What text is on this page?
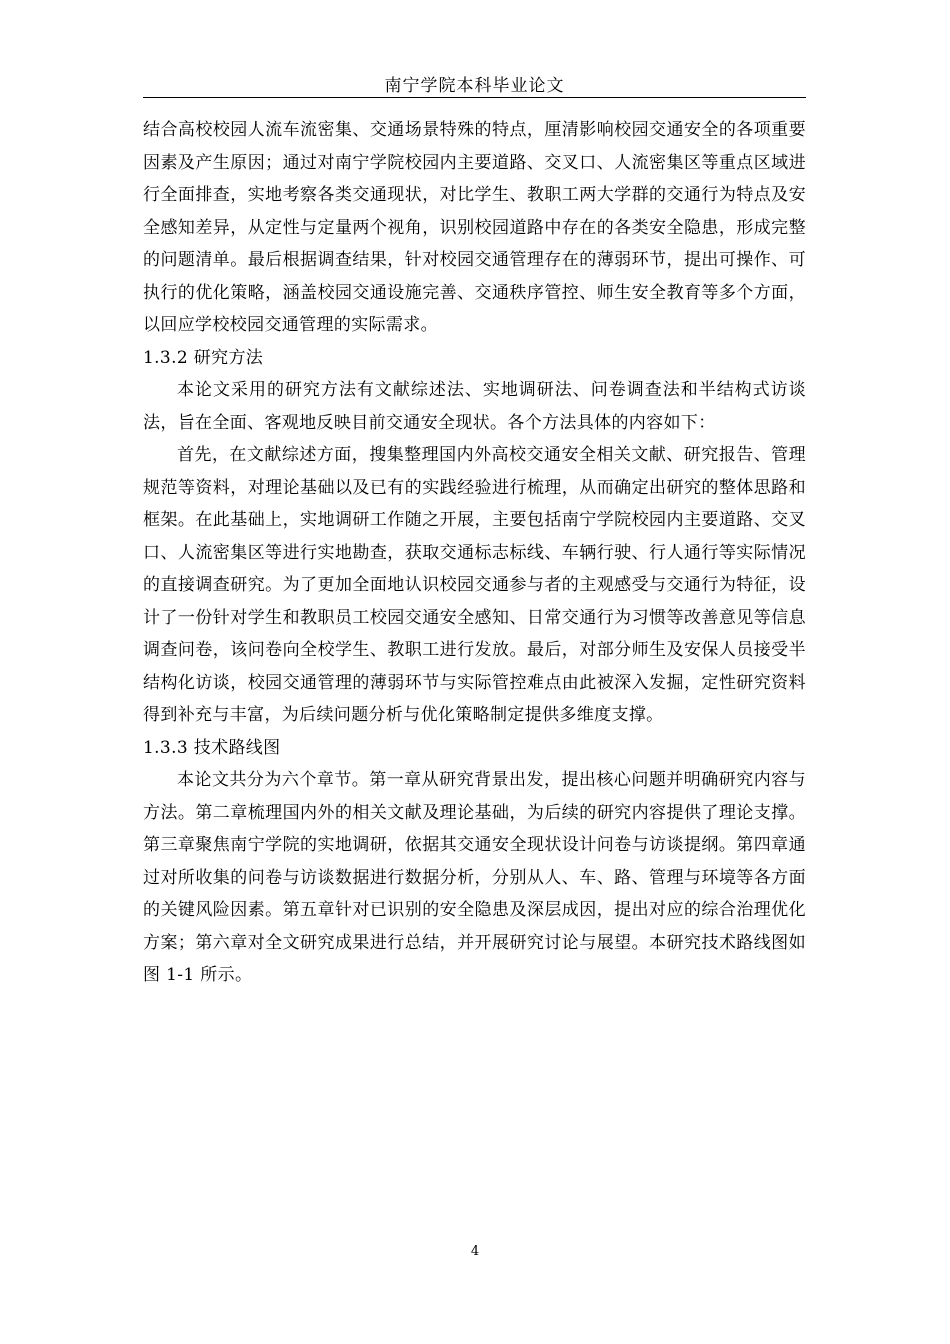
南宁学院本科毕业论文

结合高校校园人流车流密集、交通场景特殊的特点，厘清影响校园交通安全的各项重要因素及产生原因；通过对南宁学院校园内主要道路、交叉口、人流密集区等重点区域进行全面排查，实地考察各类交通现状，对比学生、教职工两大学群的交通行为特点及安全感知差异，从定性与定量两个视角，识别校园道路中存在的各类安全隐患，形成完整的问题清单。最后根据调查结果，针对校园交通管理存在的薄弱环节，提出可操作、可执行的优化策略，涵盖校园交通设施完善、交通秩序管控、师生安全教育等多个方面，以回应学校校园交通管理的实际需求。

1.3.2 研究方法

本论文采用的研究方法有文献综述法、实地调研法、问卷调查法和半结构式访谈法，旨在全面、客观地反映目前交通安全现状。各个方法具体的内容如下：

首先，在文献综述方面，搜集整理国内外高校交通安全相关文献、研究报告、管理规范等资料，对理论基础以及已有的实践经验进行梳理，从而确定出研究的整体思路和框架。在此基础上，实地调研工作随之开展，主要包括南宁学院校园内主要道路、交叉口、人流密集区等进行实地勘查，获取交通标志标线、车辆行驶、行人通行等实际情况的直接调查研究。为了更加全面地认识校园交通参与者的主观感受与交通行为特征，设计了一份针对学生和教职员工校园交通安全感知、日常交通行为习惯等改善意见等信息调查问卷，该问卷向全校学生、教职工进行发放。最后，对部分师生及安保人员接受半结构化访谈，校园交通管理的薄弱环节与实际管控难点由此被深入发掘，定性研究资料得到补充与丰富，为后续问题分析与优化策略制定提供多维度支撑。

1.3.3 技术路线图

本论文共分为六个章节。第一章从研究背景出发，提出核心问题并明确研究内容与方法。第二章梳理国内外的相关文献及理论基础，为后续的研究内容提供了理论支撑。第三章聚焦南宁学院的实地调研，依据其交通安全现状设计问卷与访谈提纲。第四章通过对所收集的问卷与访谈数据进行数据分析，分别从人、车、路、管理与环境等各方面的关键风险因素。第五章针对已识别的安全隐患及深层成因，提出对应的综合治理优化方案；第六章对全文研究成果进行总结，并开展研究讨论与展望。本研究技术路线图如图 1-1 所示。

4
